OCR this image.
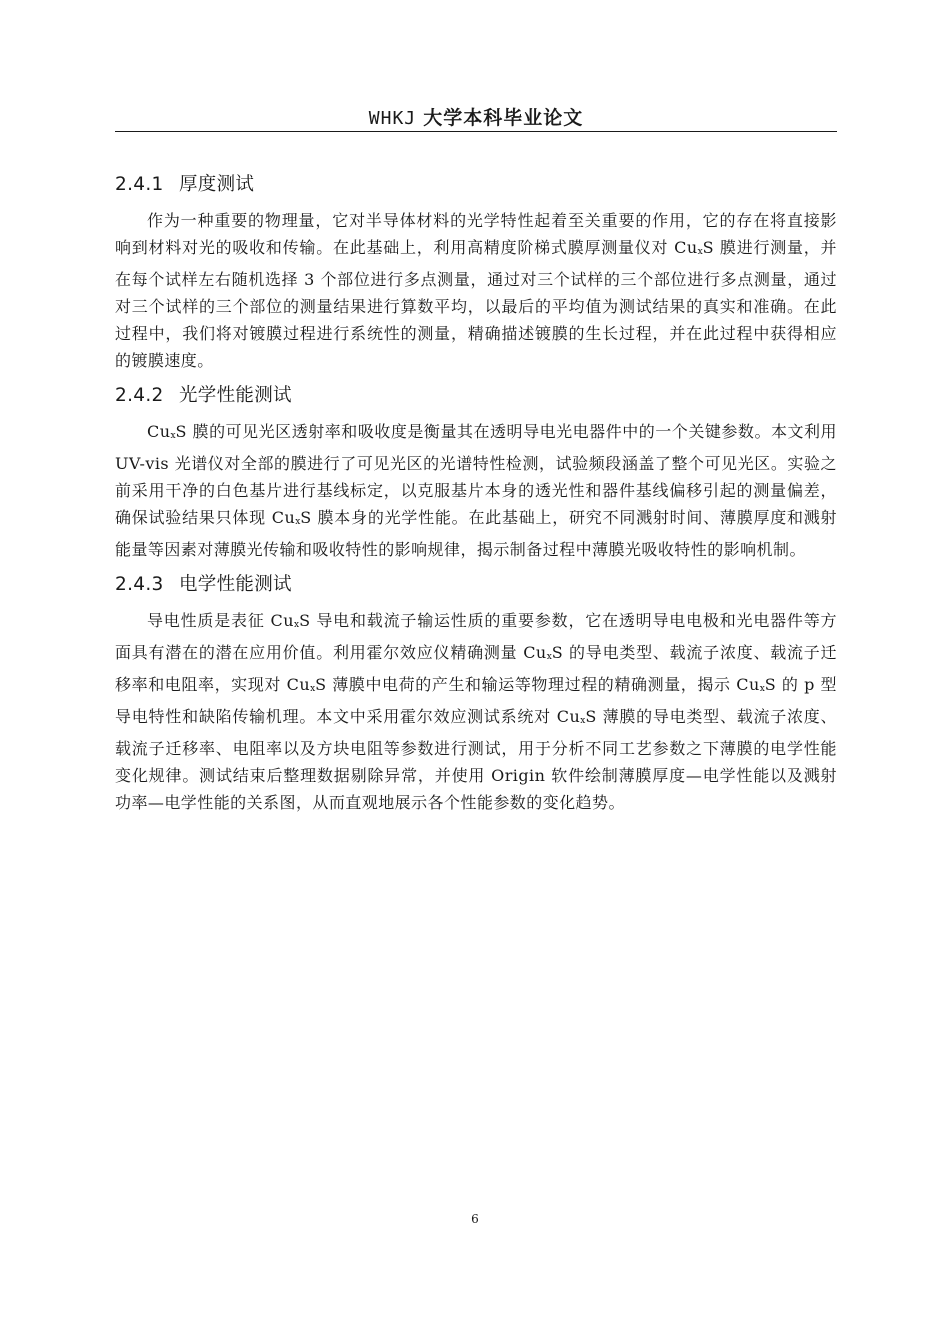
WHKJ 大学本科毕业论文
2.4.1 厚度测试

作为一种重要的物理量，它对半导体材料的光学特性起着至关重要的作用，它的存在将直接影响到材料对光的吸收和传输。在此基础上，利用高精度阶梯式膜厚测量仪对 $Cu_xS$ 膜进行测量，并在每个试样左右随机选择 3 个部位进行多点测量，通过对三个试样的三个部位进行多点测量，通过对三个试样的三个部位的测量结果进行算数平均，以最后的平均值为测试结果的真实和准确。在此过程中，我们将对镀膜过程进行系统性的测量，精确描述镀膜的生长过程，并在此过程中获得相应的镀膜速度。

2.4.2 光学性能测试

$Cu_xS$ 膜的可见光区透射率和吸收度是衡量其在透明导电光电器件中的一个关键参数。本文利用 UV-vis 光谱仪对全部的膜进行了可见光区的光谱特性检测，试验频段涵盖了整个可见光区。实验之前采用干净的白色基片进行基线标定，以克服基片本身的透光性和器件基线偏移引起的测量偏差，确保试验结果只体现 $Cu_xS$ 膜本身的光学性能。在此基础上，研究不同溅射时间、薄膜厚度和溅射能量等因素对薄膜光传输和吸收特性的影响规律，揭示制备过程中薄膜光吸收特性的影响机制。

2.4.3 电学性能测试

导电性质是表征 $Cu_xS$ 导电和载流子输运性质的重要参数，它在透明导电电极和光电器件等方面具有潜在的潜在应用价值。利用霍尔效应仪精确测量 $Cu_xS$ 的导电类型、载流子浓度、载流子迁移率和电阻率，实现对 $Cu_xS$ 薄膜中电荷的产生和输运等物理过程的精确测量，揭示 $Cu_xS$ 的 p 型导电特性和缺陷传输机理。本文中采用霍尔效应测试系统对 $Cu_xS$ 薄膜的导电类型、载流子浓度、载流子迁移率、电阻率以及方块电阻等参数进行测试，用于分析不同工艺参数之下薄膜的电学性能变化规律。测试结束后整理数据剔除异常，并使用 Origin 软件绘制薄膜厚度—电学性能以及溅射功率—电学性能的关系图，从而直观地展示各个性能参数的变化趋势。

6
